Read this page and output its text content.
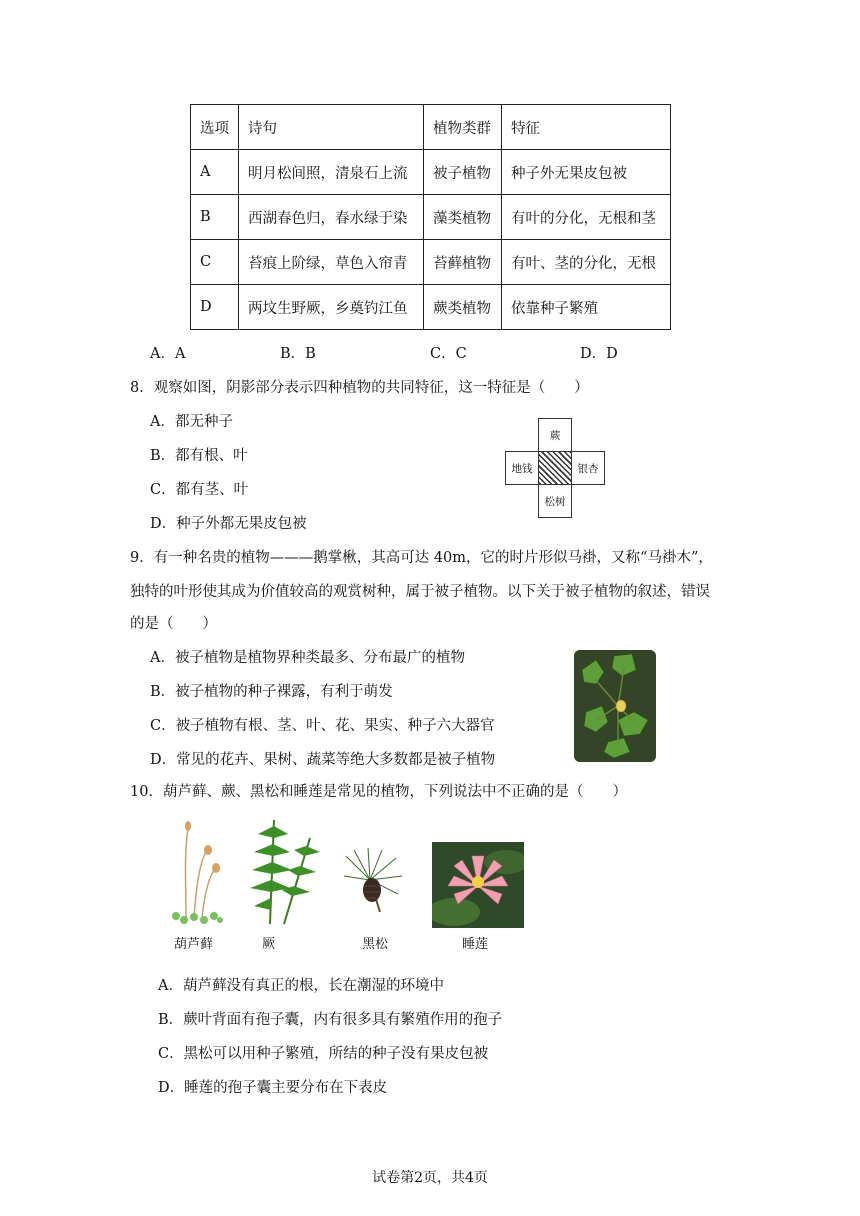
选项	诗句	植物类群	特征
A	明月松间照，清泉石上流	被子植物	种子外无果皮包被
B	西湖春色归，春水绿于染	藻类植物	有叶的分化，无根和茎
C	苔痕上阶绿，草色入帘青	苔藓植物	有叶、茎的分化，无根
D	两坟生野厥，乡奠钓江鱼	蕨类植物	依靠种子繁殖
A．A	B．B	C．C	D．D
8．观察如图，阴影部分表示四种植物的共同特征，这一特征是（　　）
A．都无种子
B．都有根、叶
C．都有茎、叶
D．种子外都无果皮包被
蕨
地钱	银杏
松树
9．有一种名贵的植物———鹅掌楸，其高可达 40m，它的时片形似马褂，又称“马褂木”，
独特的叶形使其成为价值较高的观赏树种，属于被子植物。以下关于被子植物的叙述，错误
的是（　　）
A．被子植物是植物界种类最多、分布最广的植物
B．被子植物的种子裸露，有利于萌发
C．被子植物有根、茎、叶、花、果实、种子六大器官
D．常见的花卉、果树、蔬菜等绝大多数都是被子植物
10．葫芦藓、蕨、黑松和睡莲是常见的植物，下列说法中不正确的是（　　）
葫芦藓	厥	黑松	睡莲
A．葫芦藓没有真正的根，长在潮湿的环境中
B．蕨叶背面有孢子囊，内有很多具有繁殖作用的孢子
C．黑松可以用种子繁殖，所结的种子没有果皮包被
D．睡莲的孢子囊主要分布在下表皮
试卷第2页，共4页
